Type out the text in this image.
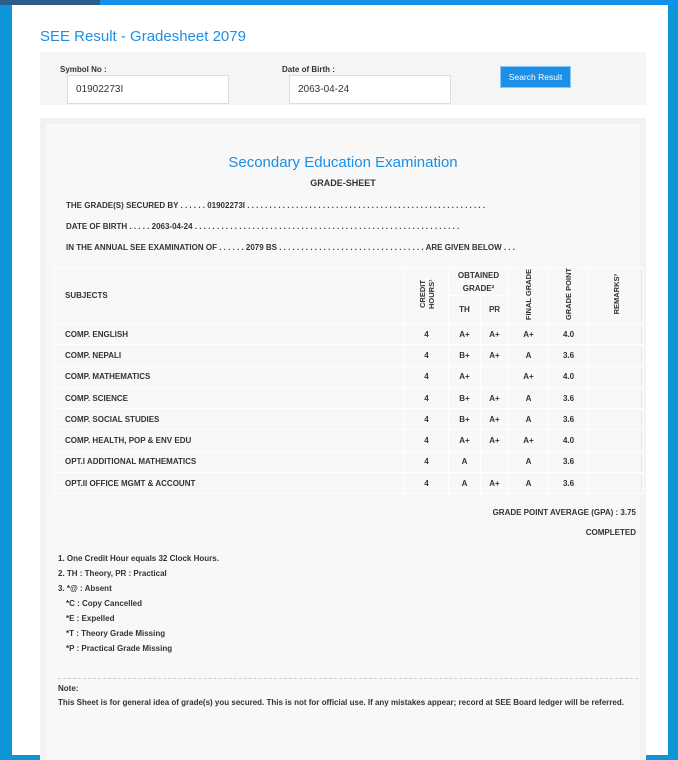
SEE Result - Gradesheet 2079
Symbol No :
01902273I	Date of Birth :
2063-04-24
Search Result
Secondary Education Examination
GRADE-SHEET
THE GRADE(S) SECURED BY . . . . . . 01902273I . . . . . . . . . . . . . . . . . . . . . . . . . . . . . . . . . . . . . . . . . . . . . . . . . . . . . .
DATE OF BIRTH . . . . . 2063-04-24 . . . . . . . . . . . . . . . . . . . . . . . . . . . . . . . . . . . . . . . . . . . . . . . . . . . . . . . . . . . .
IN THE ANNUAL SEE EXAMINATION OF . . . . . . 2079 BS . . . . . . . . . . . . . . . . . . . . . . . . . . . . . . . . . ARE GIVEN BELOW . . .
SUBJECTS	CREDIT HOURS¹	OBTAINED GRADE²		FINAL GRADE	GRADE POINT	REMARKS³
		TH	PR			
COMP. ENGLISH	4	A+	A+	A+	4.0	
COMP. NEPALI	4	B+	A+	A	3.6	
COMP. MATHEMATICS	4	A+		A+	4.0	
COMP. SCIENCE	4	B+	A+	A	3.6	
COMP. SOCIAL STUDIES	4	B+	A+	A	3.6	
COMP. HEALTH, POP & ENV EDU	4	A+	A+	A+	4.0	
OPT.I ADDITIONAL MATHEMATICS	4	A		A	3.6	
OPT.II OFFICE MGMT & ACCOUNT	4	A	A+	A	3.6	
GRADE POINT AVERAGE (GPA) : 3.75
COMPLETED
1. One Credit Hour equals 32 Clock Hours.
2. TH : Theory, PR : Practical
3. *@ : Absent
*C : Copy Cancelled
*E : Expelled
*T : Theory Grade Missing
*P : Practical Grade Missing
Note:
This Sheet is for general idea of grade(s) you secured. This is not for official use. If any mistakes appear; record at SEE Board ledger will be referred.
